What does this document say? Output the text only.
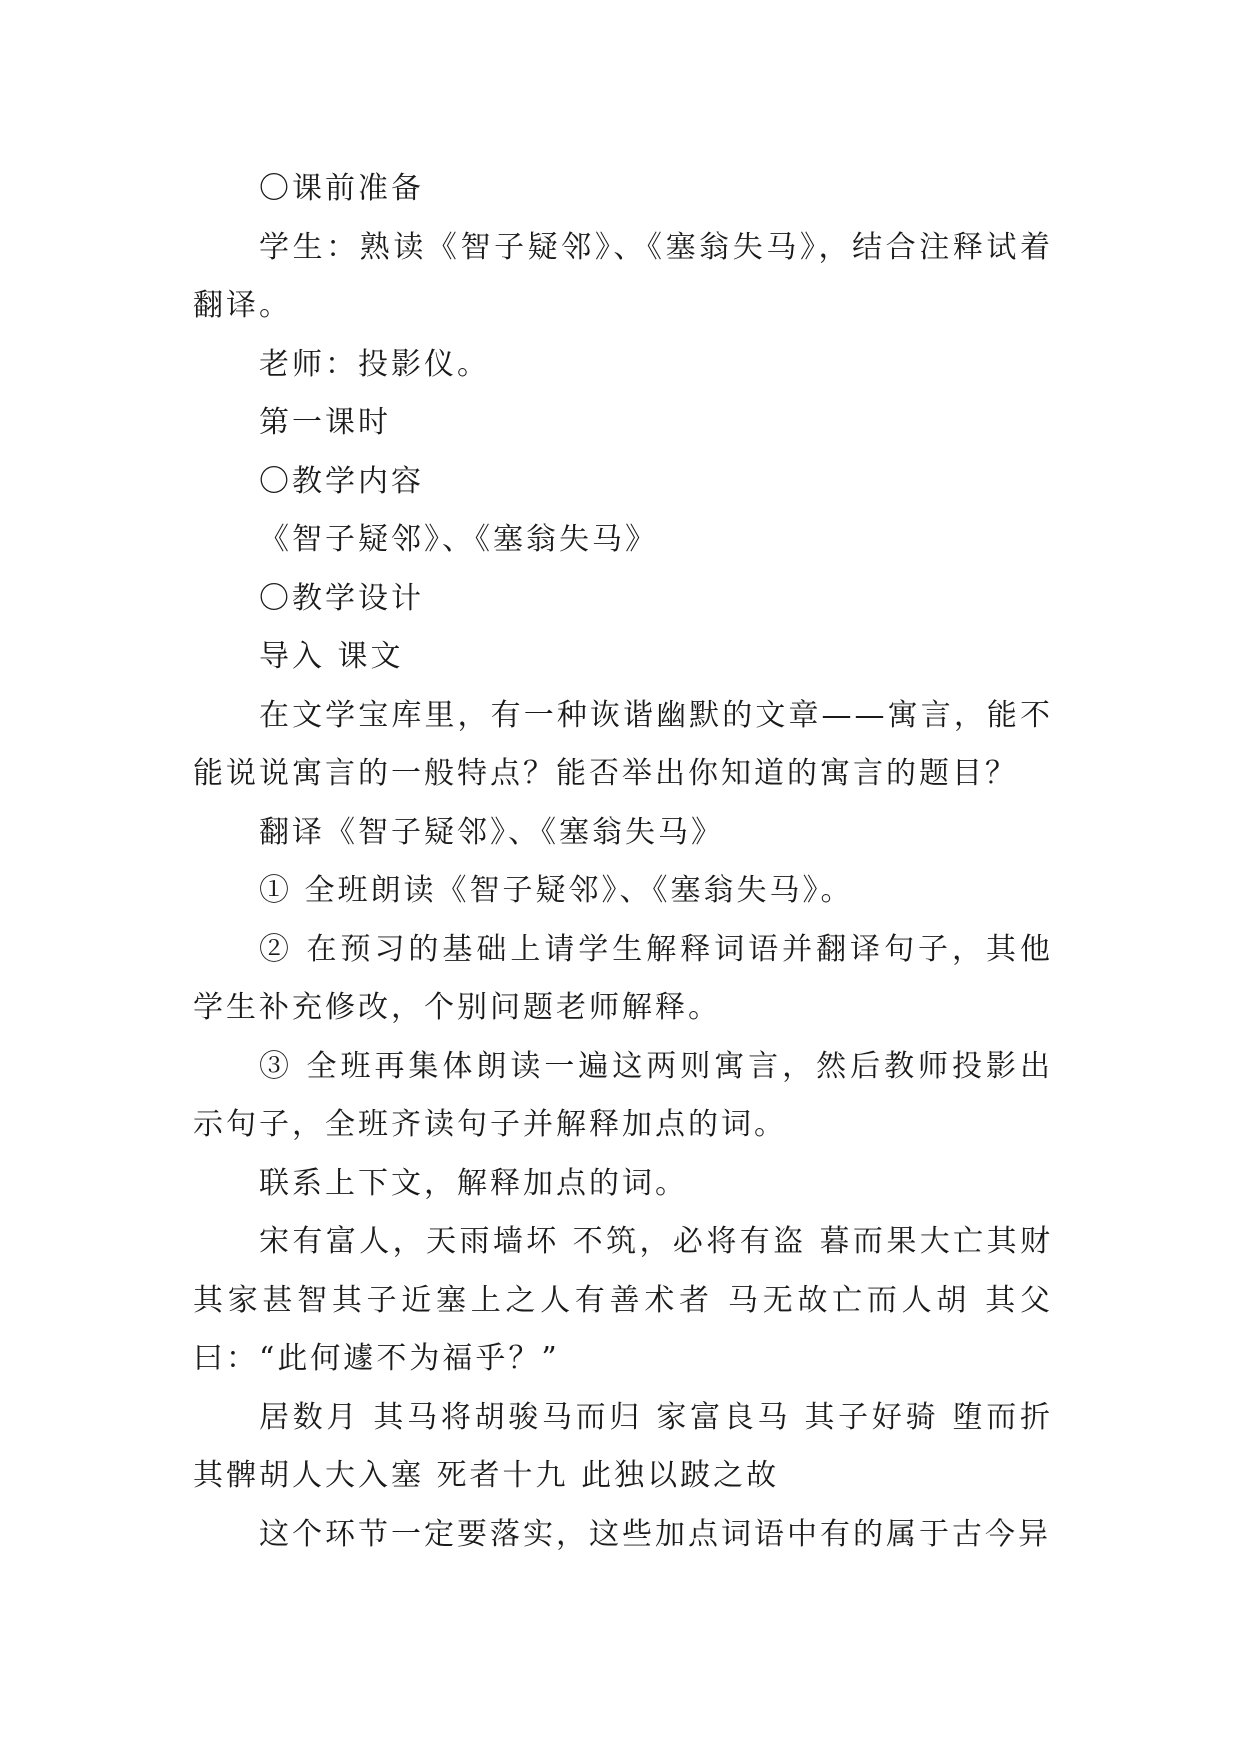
〇课前准备

学生：熟读《智子疑邻》、《塞翁失马》，结合注释试着翻译。

老师：投影仪。

第一课时

〇教学内容

《智子疑邻》、《塞翁失马》

〇教学设计

导入 课文

在文学宝库里，有一种诙谐幽默的文章——寓言，能不能说说寓言的一般特点？能否举出你知道的寓言的题目？

翻译《智子疑邻》、《塞翁失马》

① 全班朗读《智子疑邻》、《塞翁失马》。

② 在预习的基础上请学生解释词语并翻译句子，其他学生补充修改，个别问题老师解释。

③ 全班再集体朗读一遍这两则寓言，然后教师投影出示句子，全班齐读句子并解释加点的词。

联系上下文，解释加点的词。

宋有富人，天雨墙坏 不筑，必将有盗 暮而果大亡其财 其家甚智其子近塞上之人有善术者 马无故亡而人胡 其父曰：“此何遽不为福乎？”

居数月 其马将胡骏马而归 家富良马 其子好骑 堕而折其髀胡人大入塞 死者十九 此独以跛之故

这个环节一定要落实，这些加点词语中有的属于古今异
